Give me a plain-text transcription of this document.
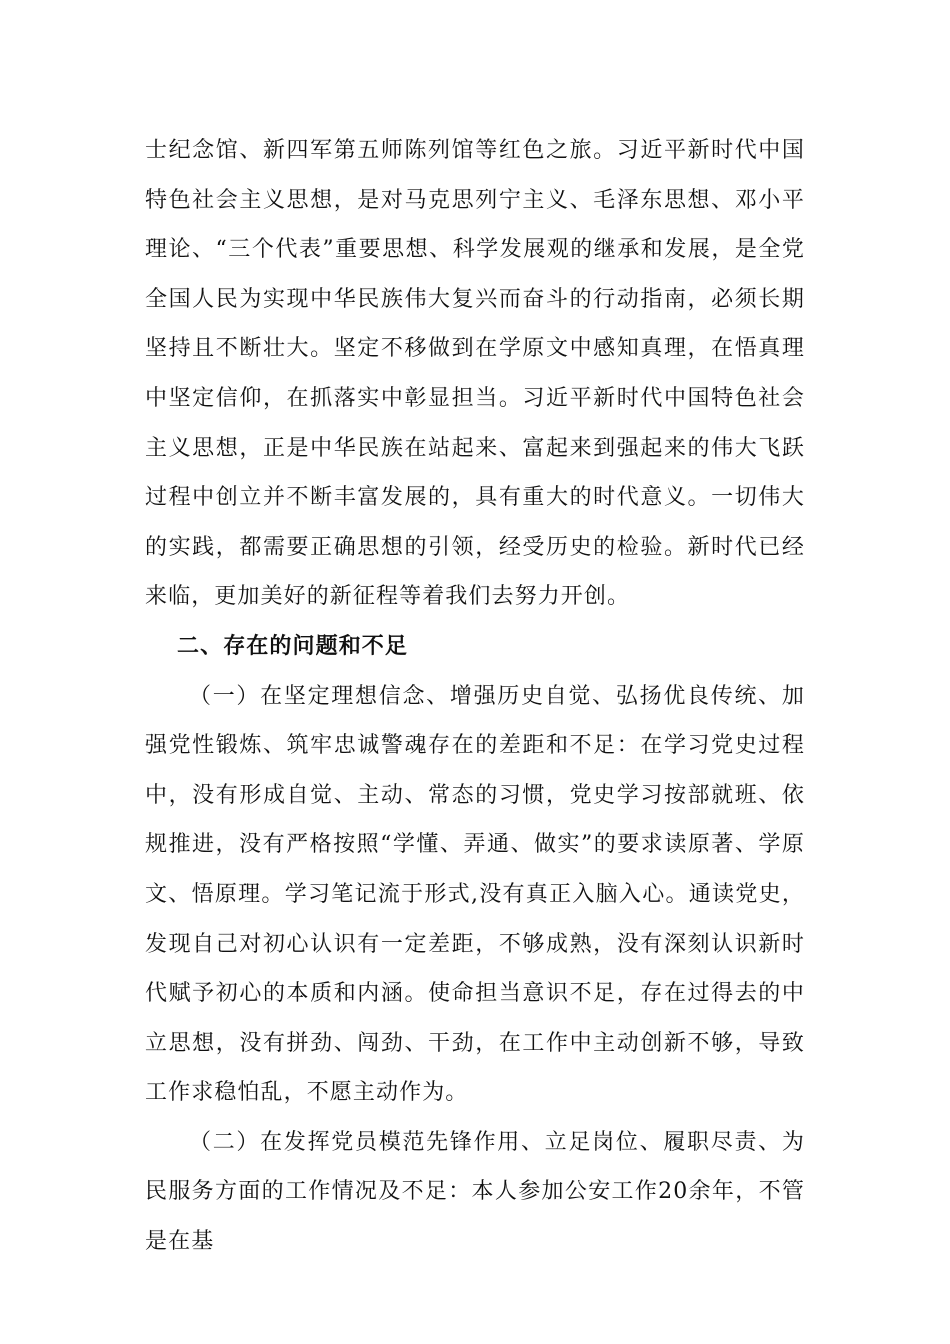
士纪念馆、新四军第五师陈列馆等红色之旅。习近平新时代中国特色社会主义思想，是对马克思列宁主义、毛泽东思想、邓小平理论、“三个代表”重要思想、科学发展观的继承和发展，是全党全国人民为实现中华民族伟大复兴而奋斗的行动指南，必须长期坚持且不断壮大。坚定不移做到在学原文中感知真理，在悟真理中坚定信仰，在抓落实中彰显担当。习近平新时代中国特色社会主义思想，正是中华民族在站起来、富起来到强起来的伟大飞跃过程中创立并不断丰富发展的，具有重大的时代意义。一切伟大的实践，都需要正确思想的引领，经受历史的检验。新时代已经来临，更加美好的新征程等着我们去努力开创。

二、存在的问题和不足

（一）在坚定理想信念、增强历史自觉、弘扬优良传统、加强党性锻炼、筑牢忠诚警魂存在的差距和不足：在学习党史过程中，没有形成自觉、主动、常态的习惯，党史学习按部就班、依规推进，没有严格按照“学懂、弄通、做实”的要求读原著、学原文、悟原理。学习笔记流于形式,没有真正入脑入心。通读党史，发现自己对初心认识有一定差距，不够成熟，没有深刻认识新时代赋予初心的本质和内涵。使命担当意识不足，存在过得去的中立思想，没有拼劲、闯劲、干劲，在工作中主动创新不够，导致工作求稳怕乱，不愿主动作为。

（二）在发挥党员模范先锋作用、立足岗位、履职尽责、为民服务方面的工作情况及不足：本人参加公安工作20余年，不管是在基
